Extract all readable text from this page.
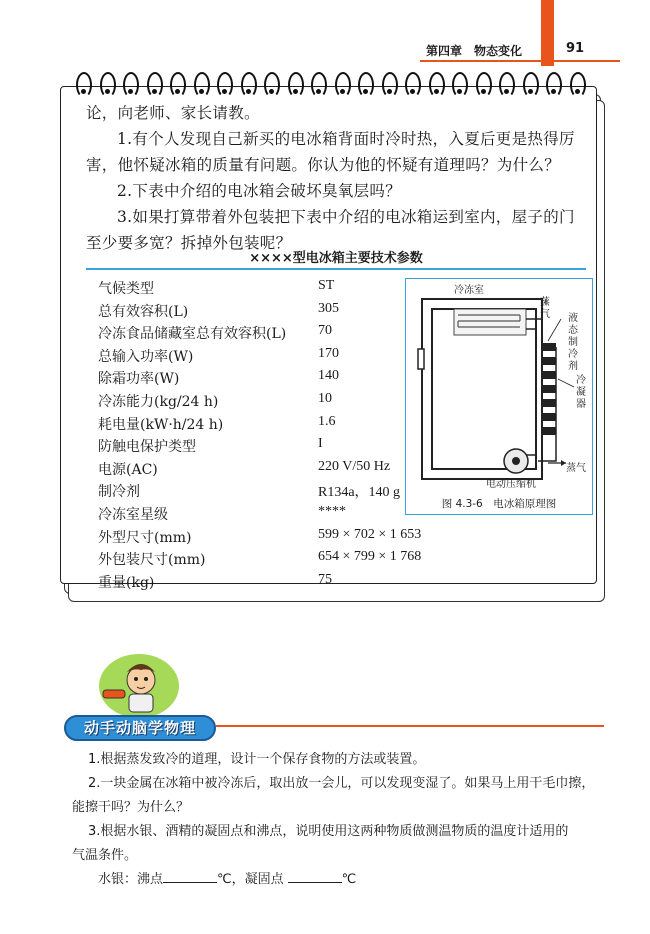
第四章　物态变化	91
论，向老师、家长请教。
1.有个人发现自己新买的电冰箱背面时冷时热，入夏后更是热得厉害，他怀疑冰箱的质量有问题。你认为他的怀疑有道理吗？为什么？
2.下表中介绍的电冰箱会破坏臭氧层吗？
3.如果打算带着外包装把下表中介绍的电冰箱运到室内，屋子的门至少要多宽？拆掉外包装呢？
××××型电冰箱主要技术参数
气候类型	ST
总有效容积(L)	305
冷冻食品储藏室总有效容积(L) 70
总输入功率(W)	170
除霜功率(W)	140
冷冻能力(kg/24 h)	10
耗电量(kW·h/24 h)	1.6
防触电保护类型	I
电源(AC)	220 V/50 Hz
制冷剂	R134a，140 g
冷冻室星级	****
外型尺寸(mm)	599 × 702 × 1 653
外包装尺寸(mm)	654 × 799 × 1 768
重量(kg)	75
冷冻室
蒸气 液态制冷剂
冷凝器
蒸气
电动压缩机
图 4.3-6　电冰箱原理图
动手动脑学物理
1.根据蒸发致冷的道理，设计一个保存食物的方法或装置。
2.一块金属在冰箱中被冷冻后，取出放一会儿，可以发现变湿了。如果马上用干毛巾擦，
能擦干吗？为什么？
3.根据水银、酒精的凝固点和沸点，说明使用这两种物质做测温物质的温度计适用的
气温条件。
水银：沸点	℃，凝固点	℃
